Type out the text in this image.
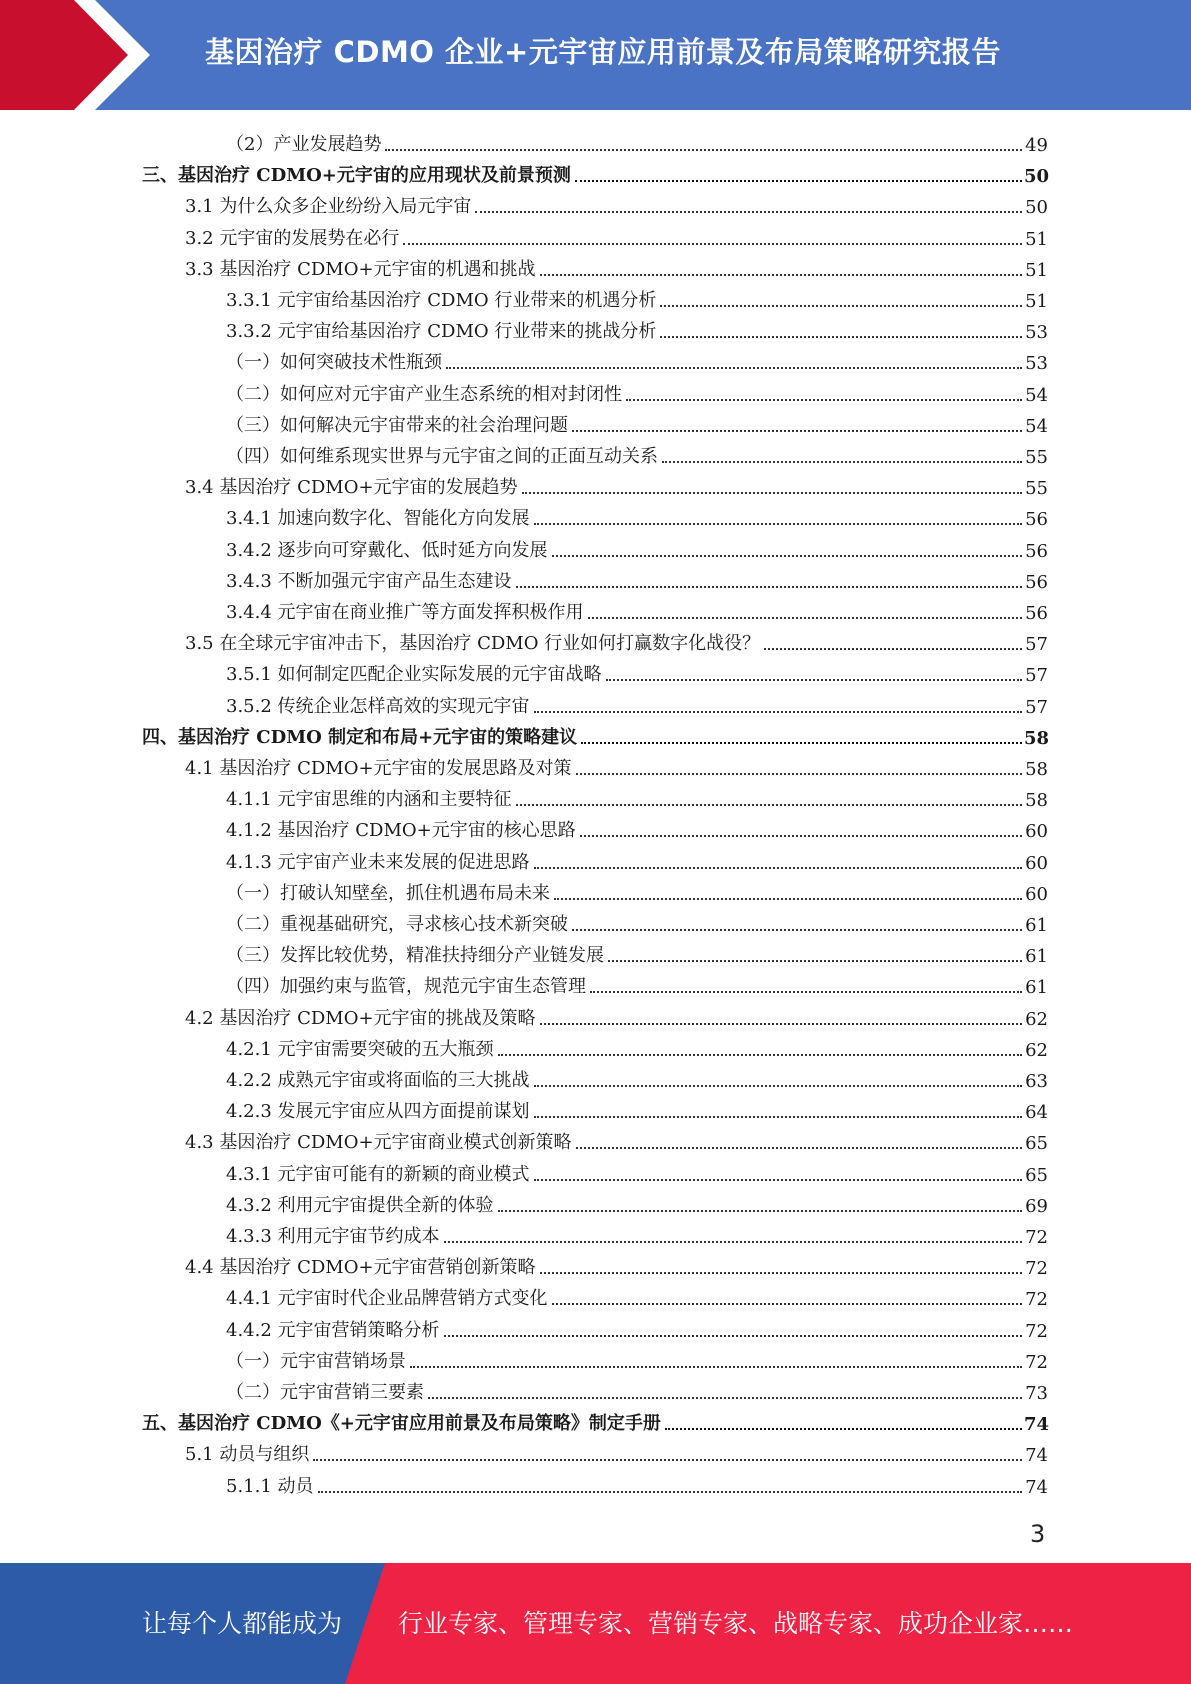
基因治疗 CDMO 企业+元宇宙应用前景及布局策略研究报告
（2）产业发展趋势	49
三、基因治疗 CDMO+元宇宙的应用现状及前景预测	50
3.1 为什么众多企业纷纷入局元宇宙	50
3.2 元宇宙的发展势在必行	51
3.3 基因治疗 CDMO+元宇宙的机遇和挑战	51
3.3.1 元宇宙给基因治疗 CDMO 行业带来的机遇分析	51
3.3.2 元宇宙给基因治疗 CDMO 行业带来的挑战分析	53
（一）如何突破技术性瓶颈	53
（二）如何应对元宇宙产业生态系统的相对封闭性	54
（三）如何解决元宇宙带来的社会治理问题	54
（四）如何维系现实世界与元宇宙之间的正面互动关系	55
3.4 基因治疗 CDMO+元宇宙的发展趋势	55
3.4.1 加速向数字化、智能化方向发展	56
3.4.2 逐步向可穿戴化、低时延方向发展	56
3.4.3 不断加强元宇宙产品生态建设	56
3.4.4 元宇宙在商业推广等方面发挥积极作用	56
3.5 在全球元宇宙冲击下，基因治疗 CDMO 行业如何打赢数字化战役？	57
3.5.1 如何制定匹配企业实际发展的元宇宙战略	57
3.5.2 传统企业怎样高效的实现元宇宙	57
四、基因治疗 CDMO 制定和布局+元宇宙的策略建议	58
4.1 基因治疗 CDMO+元宇宙的发展思路及对策	58
4.1.1 元宇宙思维的内涵和主要特征	58
4.1.2 基因治疗 CDMO+元宇宙的核心思路	60
4.1.3 元宇宙产业未来发展的促进思路	60
（一）打破认知壁垒，抓住机遇布局未来	60
（二）重视基础研究，寻求核心技术新突破	61
（三）发挥比较优势，精准扶持细分产业链发展	61
（四）加强约束与监管，规范元宇宙生态管理	61
4.2 基因治疗 CDMO+元宇宙的挑战及策略	62
4.2.1 元宇宙需要突破的五大瓶颈	62
4.2.2 成熟元宇宙或将面临的三大挑战	63
4.2.3 发展元宇宙应从四方面提前谋划	64
4.3 基因治疗 CDMO+元宇宙商业模式创新策略	65
4.3.1 元宇宙可能有的新颖的商业模式	65
4.3.2 利用元宇宙提供全新的体验	69
4.3.3 利用元宇宙节约成本	72
4.4 基因治疗 CDMO+元宇宙营销创新策略	72
4.4.1 元宇宙时代企业品牌营销方式变化	72
4.4.2 元宇宙营销策略分析	72
（一）元宇宙营销场景	72
（二）元宇宙营销三要素	73
五、基因治疗 CDMO《+元宇宙应用前景及布局策略》制定手册	74
5.1 动员与组织	74
5.1.1 动员	74
3
让每个人都能成为 行业专家、管理专家、营销专家、战略专家、成功企业家……
